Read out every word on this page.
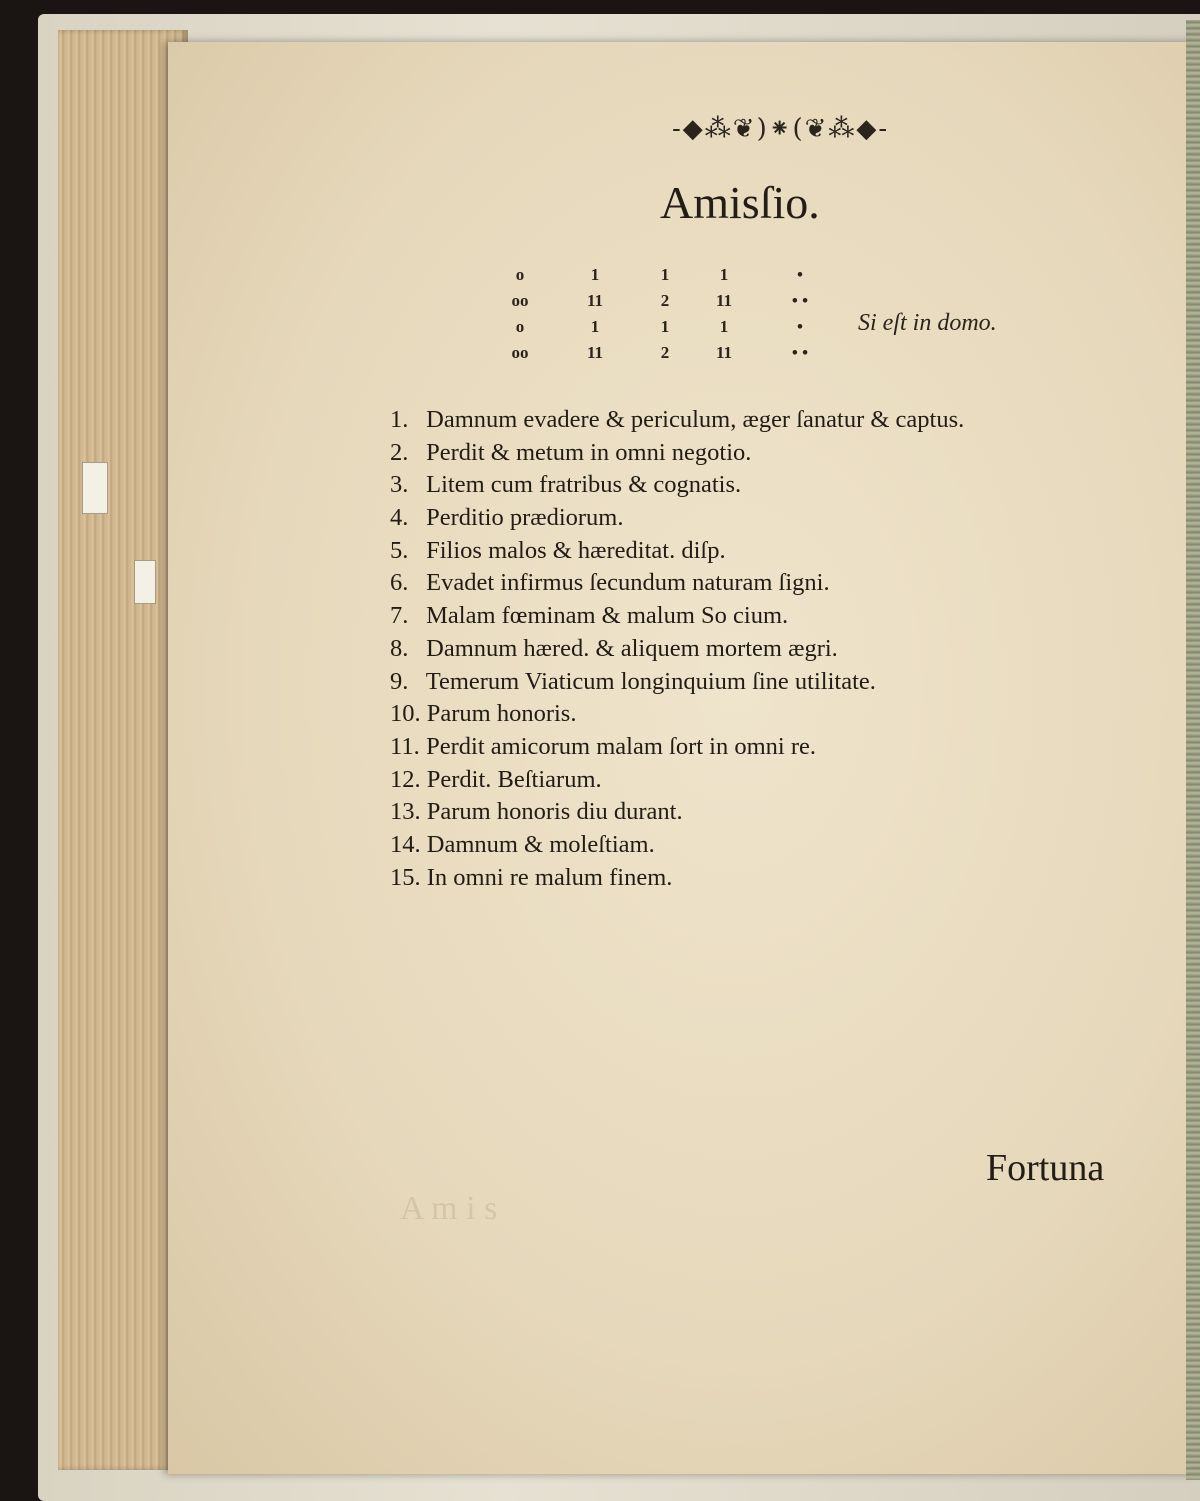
A m i s
-◆⁂❦)⁕(❦⁂◆-
Amisſio.
o
oo
o
oo
1
11
1
11
1
2
1
2
1
11
1
11
•
• •
•
• •
Si eſt in domo.
1. Damnum evadere & periculum, æger ſanatur & captus.
2. Perdit & metum in omni negotio.
3. Litem cum fratribus & cognatis.
4. Perditio prædiorum.
5. Filios malos & hæreditat. diſp.
6. Evadet infirmus ſecundum naturam ſigni.
7. Malam fœminam & malum So cium.
8. Damnum hæred. & aliquem mortem ægri.
9. Temerum Viaticum longinquium ſine utilitate.
10. Parum honoris.
11. Perdit amicorum malam ſort in omni re.
12. Perdit. Beſtiarum.
13. Parum honoris diu durant.
14. Damnum & moleſtiam.
15. In omni re malum finem.
Fortuna
